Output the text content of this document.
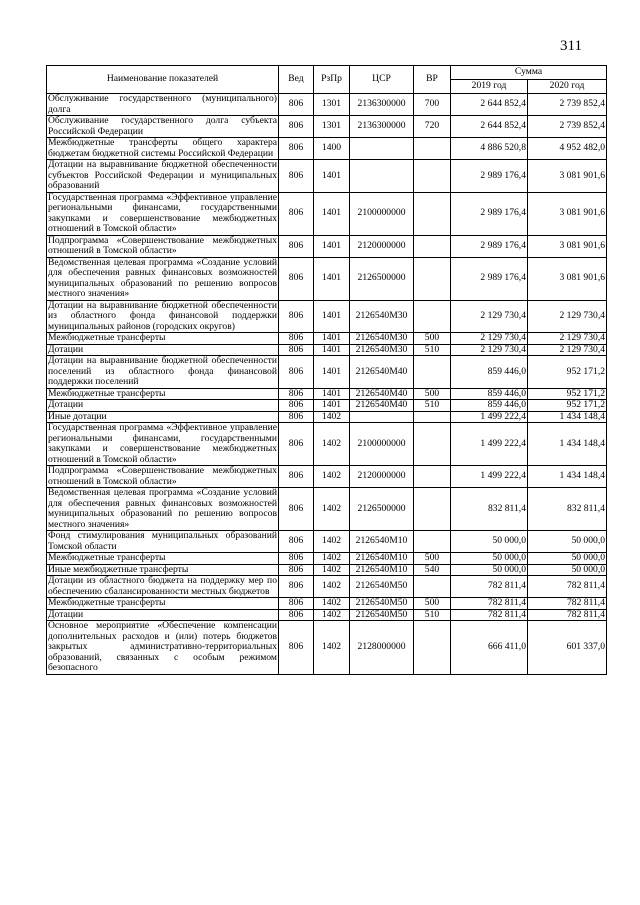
311
Наименование показателей	Вед	РзПр	ЦСР	ВР	Сумма	
					2019 год	2020 год
Обслуживание государственного (муниципального) долга	806	1301	2136300000	700	2 644 852,4	2 739 852,4
Обслуживание государственного долга субъекта Российской Федерации	806	1301	2136300000	720	2 644 852,4	2 739 852,4
Межбюджетные трансферты общего характера бюджетам бюджетной системы Российской Федерации	806	1400			4 886 520,8	4 952 482,0
Дотации на выравнивание бюджетной обеспеченности субъектов Российской Федерации и муниципальных образований	806	1401			2 989 176,4	3 081 901,6
Государственная программа «Эффективное управление региональными финансами, государственными закупками и совершенствование межбюджетных отношений в Томской области»	806	1401	2100000000		2 989 176,4	3 081 901,6
Подпрограмма «Совершенствование межбюджетных отношений в Томской области»	806	1401	2120000000		2 989 176,4	3 081 901,6
Ведомственная целевая программа «Создание условий для обеспечения равных финансовых возможностей муниципальных образований по решению вопросов местного значения»	806	1401	2126500000		2 989 176,4	3 081 901,6
Дотации на выравнивание бюджетной обеспеченности из областного фонда финансовой поддержки муниципальных районов (городских округов)	806	1401	2126540М30		2 129 730,4	2 129 730,4
Межбюджетные трансферты	806	1401	2126540М30	500	2 129 730,4	2 129 730,4
Дотации	806	1401	2126540М30	510	2 129 730,4	2 129 730,4
Дотации на выравнивание бюджетной обеспеченности поселений из областного фонда финансовой поддержки поселений	806	1401	2126540М40		859 446,0	952 171,2
Межбюджетные трансферты	806	1401	2126540М40	500	859 446,0	952 171,2
Дотации	806	1401	2126540М40	510	859 446,0	952 171,2
Иные дотации	806	1402			1 499 222,4	1 434 148,4
Государственная программа «Эффективное управление региональными финансами, государственными закупками и совершенствование межбюджетных отношений в Томской области»	806	1402	2100000000		1 499 222,4	1 434 148,4
Подпрограмма «Совершенствование межбюджетных отношений в Томской области»	806	1402	2120000000		1 499 222,4	1 434 148,4
Ведомственная целевая программа «Создание условий для обеспечения равных финансовых возможностей муниципальных образований по решению вопросов местного значения»	806	1402	2126500000		832 811,4	832 811,4
Фонд стимулирования муниципальных образований Томской области	806	1402	2126540М10		50 000,0	50 000,0
Межбюджетные трансферты	806	1402	2126540М10	500	50 000,0	50 000,0
Иные межбюджетные трансферты	806	1402	2126540М10	540	50 000,0	50 000,0
Дотации из областного бюджета на поддержку мер по обеспечению сбалансированности местных бюджетов	806	1402	2126540М50		782 811,4	782 811,4
Межбюджетные трансферты	806	1402	2126540М50	500	782 811,4	782 811,4
Дотации	806	1402	2126540М50	510	782 811,4	782 811,4
Основное мероприятие «Обеспечение компенсации дополнительных расходов и (или) потерь бюджетов закрытых административно-территориальных образований, связанных с особым режимом безопасного	806	1402	2128000000		666 411,0	601 337,0
